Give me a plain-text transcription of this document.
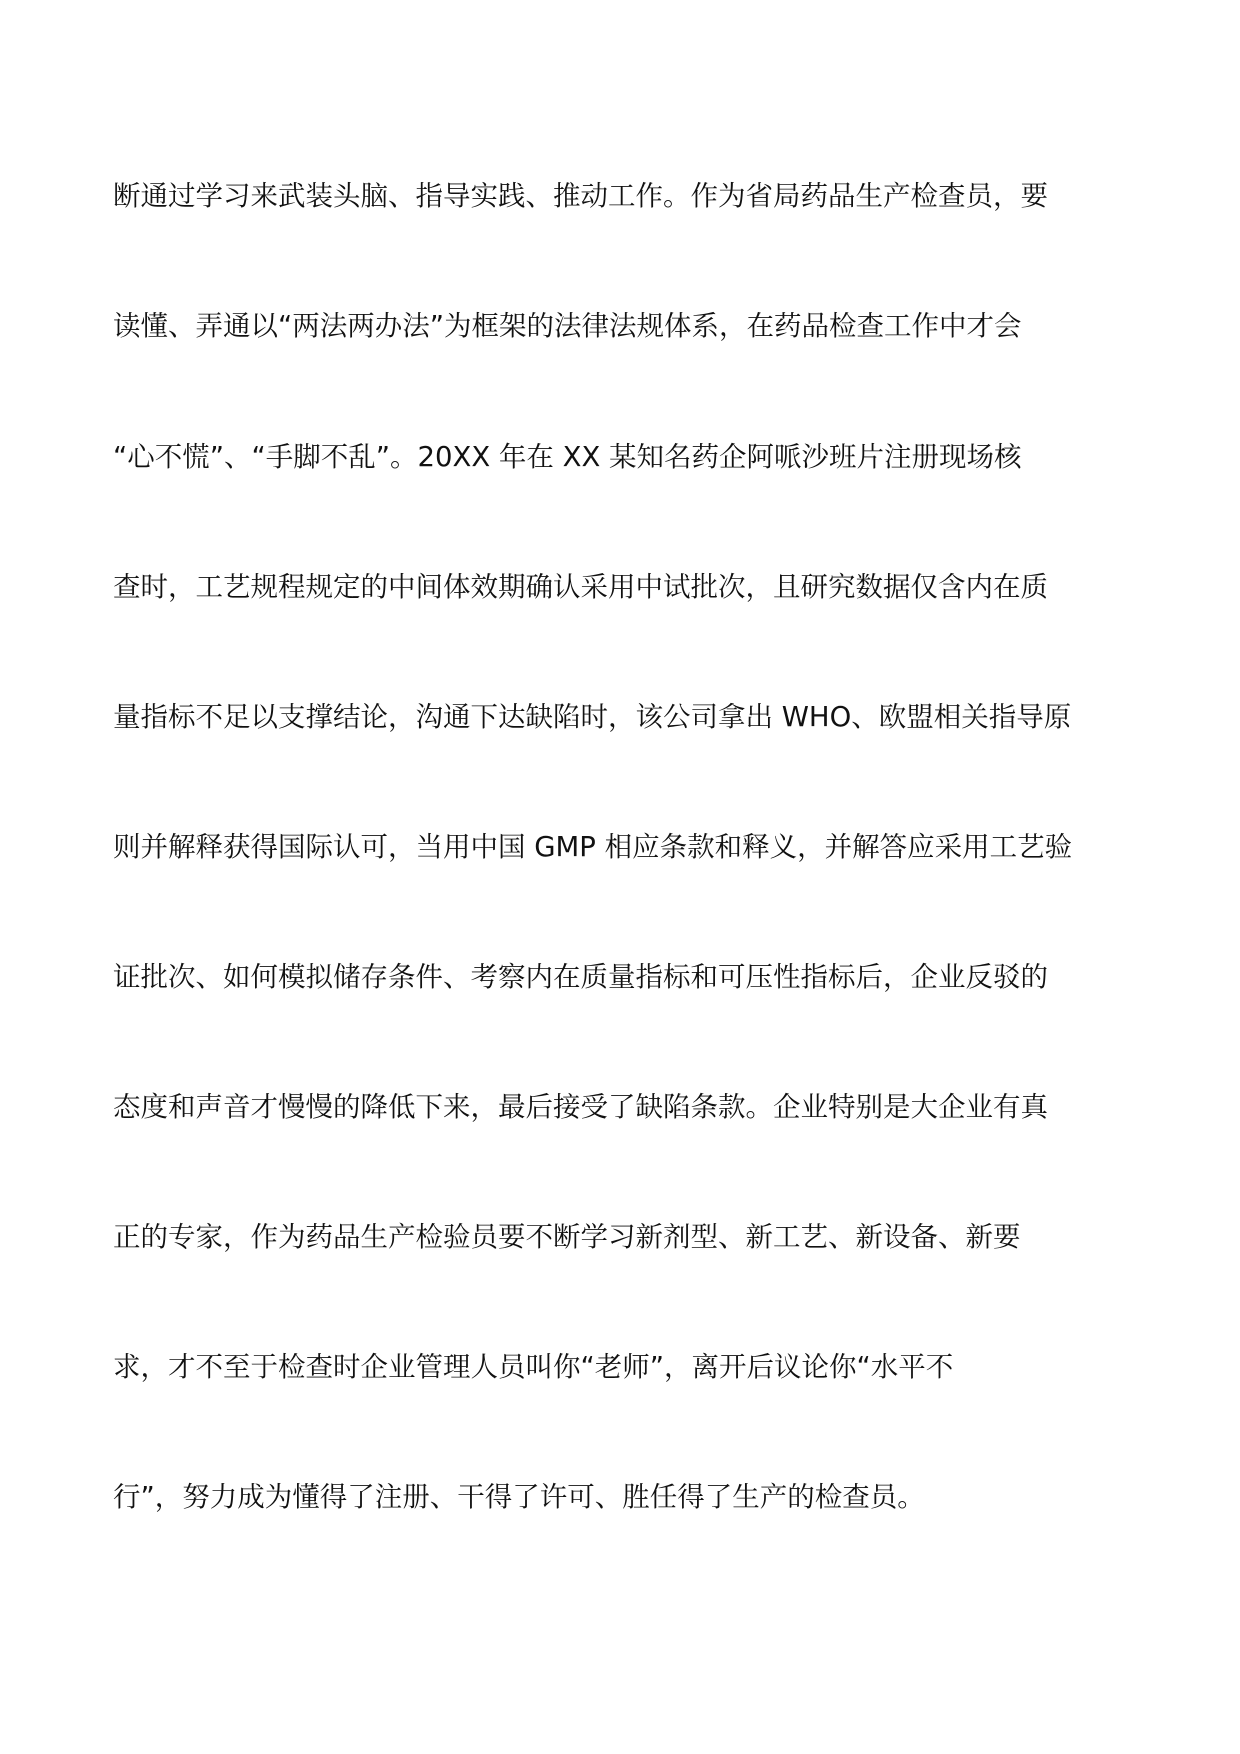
断通过学习来武装头脑、指导实践、推动工作。作为省局药品生产检查员，要
读懂、弄通以“两法两办法”为框架的法律法规体系，在药品检查工作中才会
“心不慌”、“手脚不乱”。20XX 年在 XX 某知名药企阿哌沙班片注册现场核
查时，工艺规程规定的中间体效期确认采用中试批次，且研究数据仅含内在质
量指标不足以支撑结论，沟通下达缺陷时，该公司拿出 WHO、欧盟相关指导原
则并解释获得国际认可，当用中国 GMP 相应条款和释义，并解答应采用工艺验
证批次、如何模拟储存条件、考察内在质量指标和可压性指标后，企业反驳的
态度和声音才慢慢的降低下来，最后接受了缺陷条款。企业特别是大企业有真
正的专家，作为药品生产检验员要不断学习新剂型、新工艺、新设备、新要
求，才不至于检查时企业管理人员叫你“老师”，离开后议论你“水平不
行”，努力成为懂得了注册、干得了许可、胜任得了生产的检查员。
